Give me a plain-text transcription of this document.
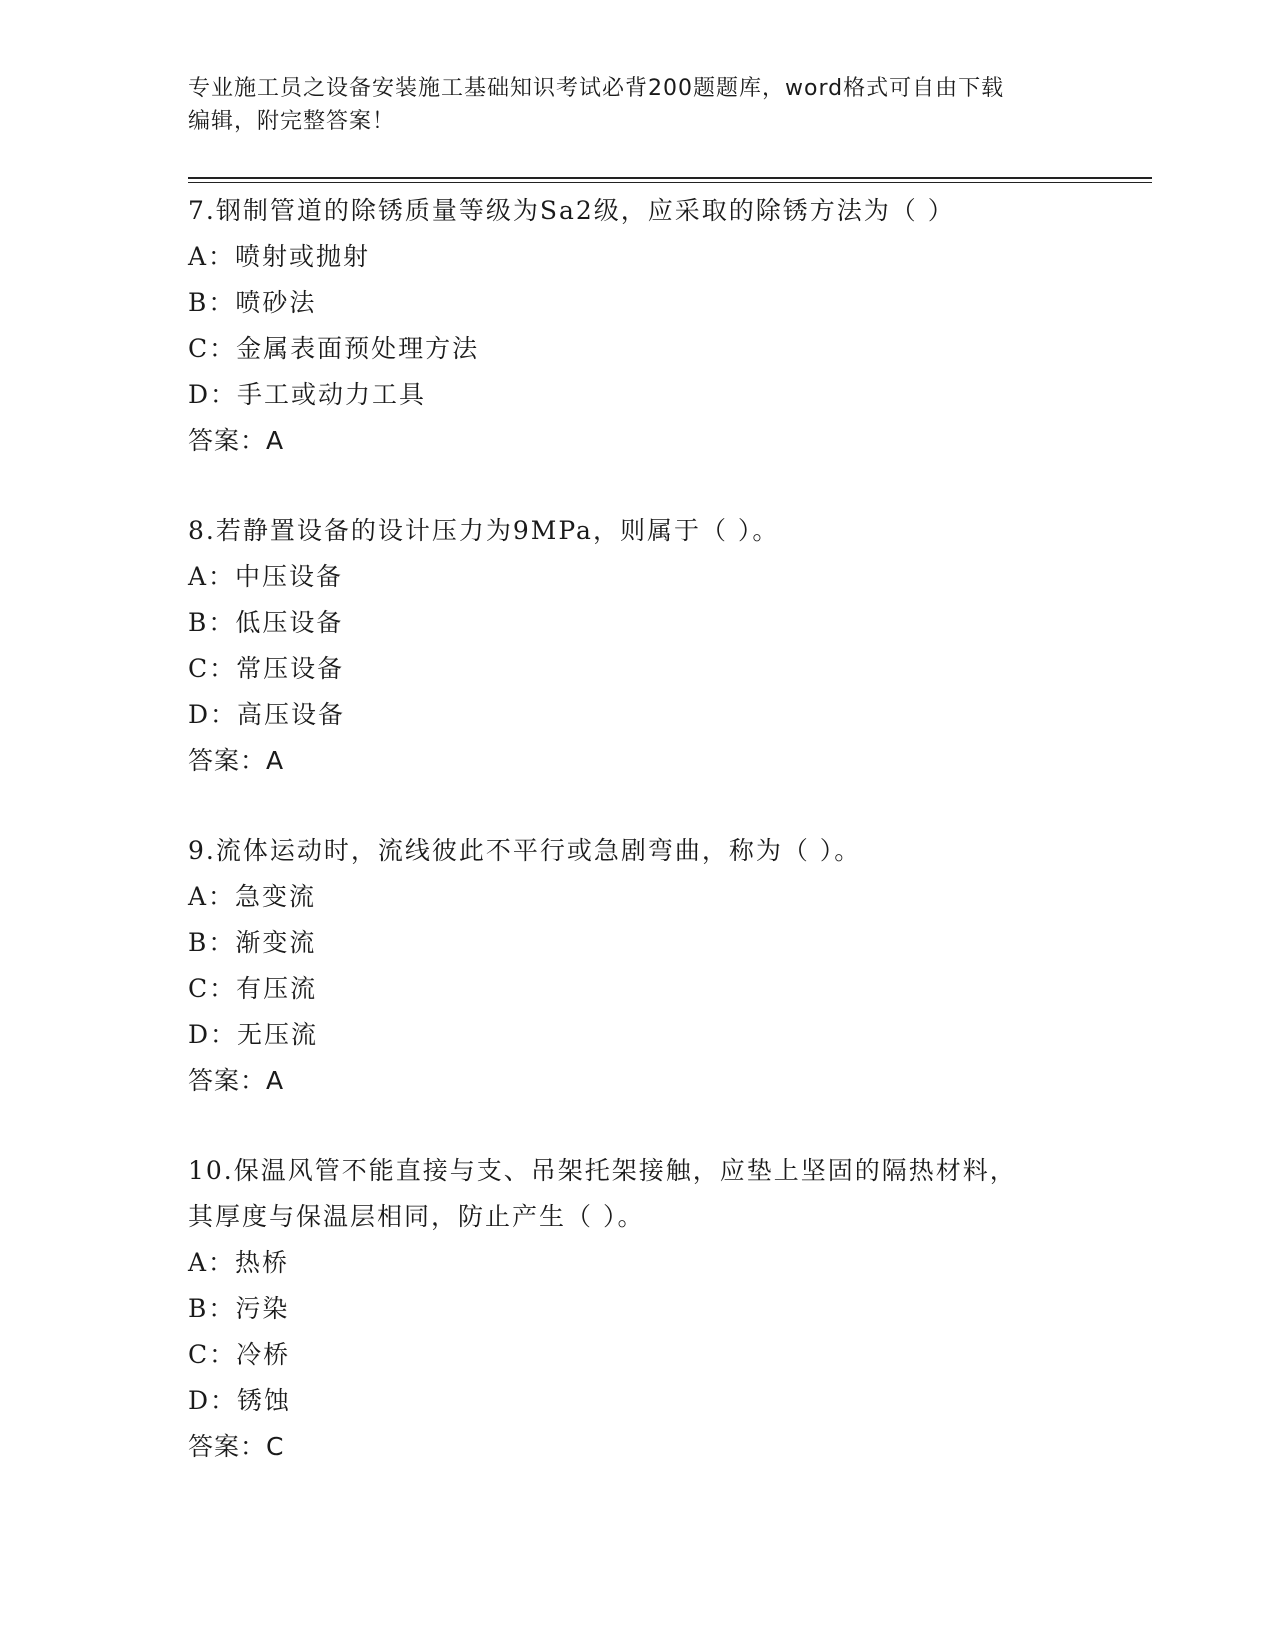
专业施工员之设备安装施工基础知识考试必背200题题库，word格式可自由下载
编辑，附完整答案！
7.钢制管道的除锈质量等级为Sa2级，应采取的除锈方法为（ ）
A：喷射或抛射
B：喷砂法
C：金属表面预处理方法
D：手工或动力工具
答案：A
8.若静置设备的设计压力为9MPa，则属于（ ）。
A：中压设备
B：低压设备
C：常压设备
D：高压设备
答案：A
9.流体运动时，流线彼此不平行或急剧弯曲，称为（ ）。
A：急变流
B：渐变流
C：有压流
D：无压流
答案：A
10.保温风管不能直接与支、吊架托架接触，应垫上坚固的隔热材料，
其厚度与保温层相同，防止产生（ ）。
A：热桥
B：污染
C：冷桥
D：锈蚀
答案：C
